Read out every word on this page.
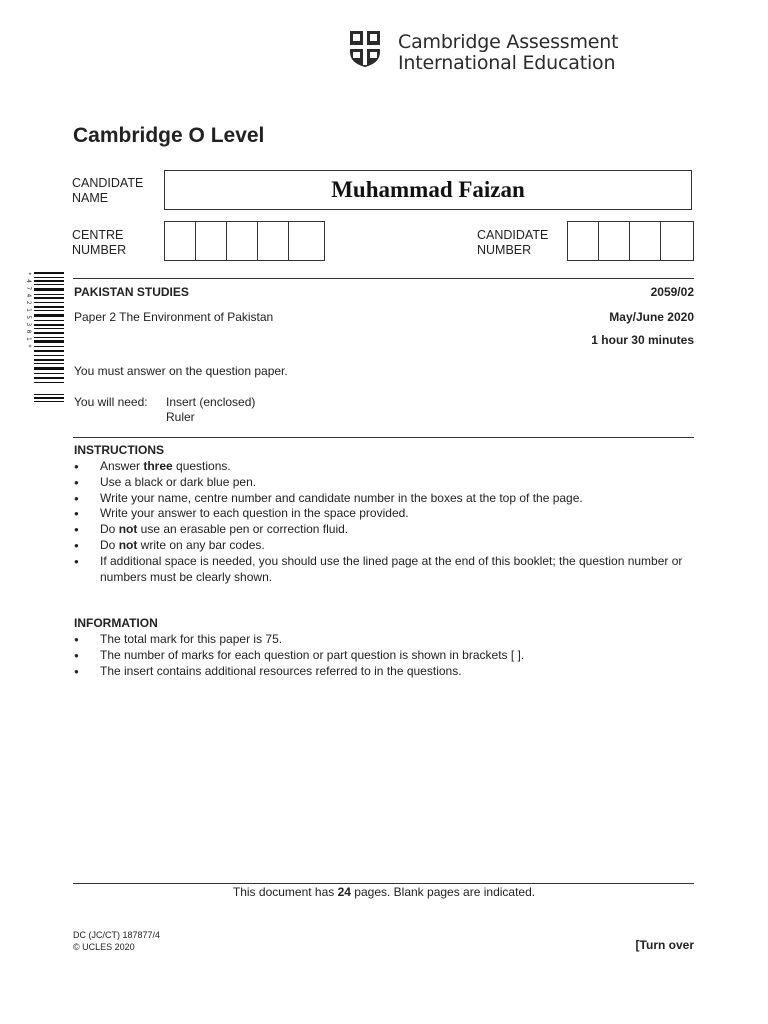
Cambridge Assessment
International Education
Cambridge O Level
CANDIDATE
NAME	Muhammad Faizan
CENTRE
NUMBER
CANDIDATE
NUMBER
* 4 7 4 2 1 5 3 0 1 *	PAKISTAN STUDIES	2059/02
Paper 2 The Environment of Pakistan	May/June 2020
1 hour 30 minutes
You must answer on the question paper.
You will need: Insert (enclosed)
Ruler
INSTRUCTIONS
● Answer three questions.
● Use a black or dark blue pen.
● Write your name, centre number and candidate number in the boxes at the top of the page.
● Write your answer to each question in the space provided.
● Do not use an erasable pen or correction fluid.
● Do not write on any bar codes.
● If additional space is needed, you should use the lined page at the end of this booklet; the question number or numbers must be clearly shown.
INFORMATION
● The total mark for this paper is 75.
● The number of marks for each question or part question is shown in brackets [ ].
● The insert contains additional resources referred to in the questions.
This document has 24 pages. Blank pages are indicated.
DC (JC/CT) 187877/4
© UCLES 2020	[Turn over
